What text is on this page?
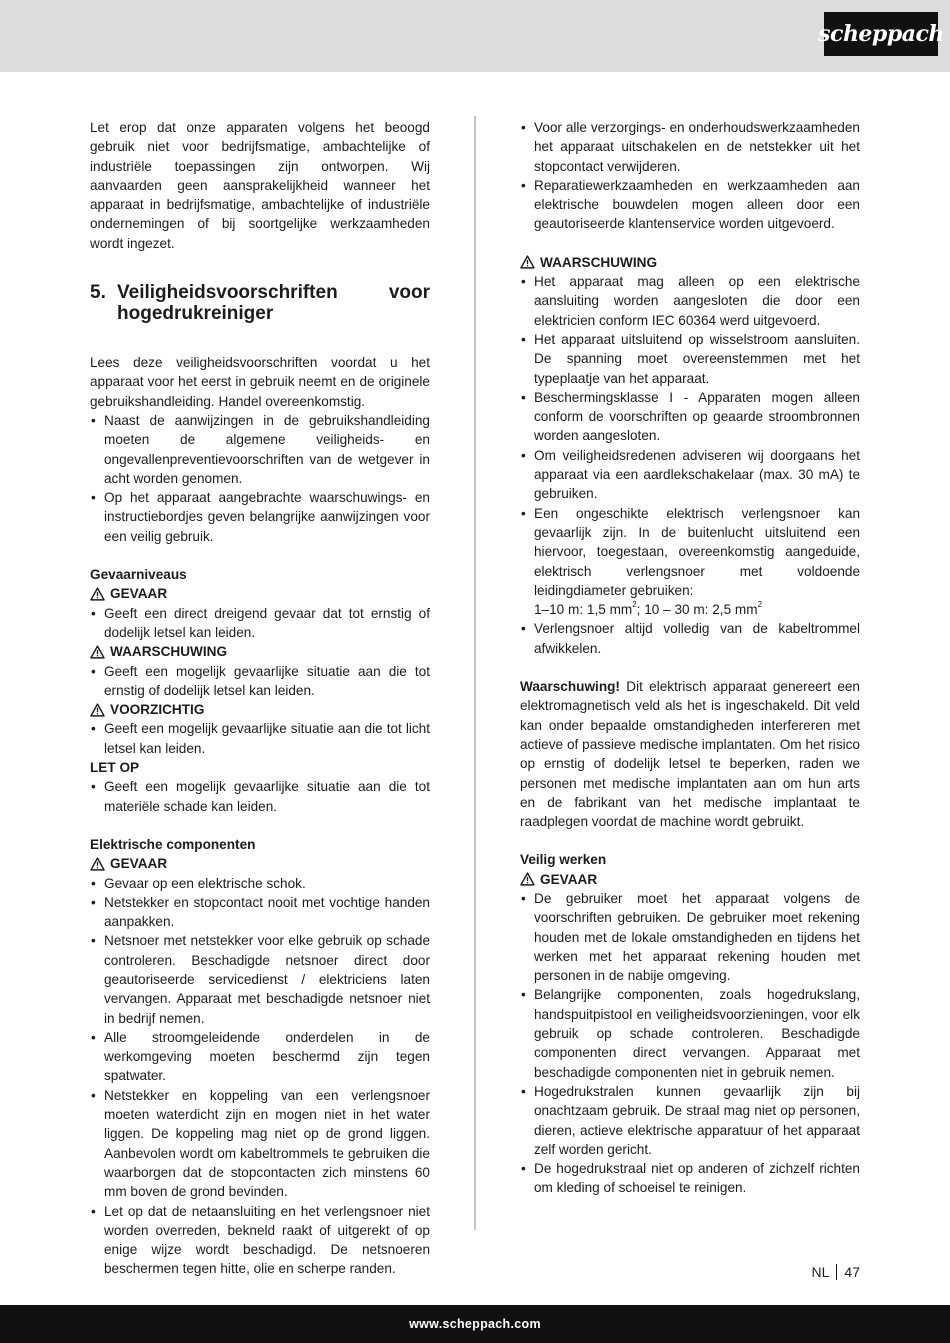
scheppach

Let erop dat onze apparaten volgens het beoogd gebruik niet voor bedrijfsmatige, ambachtelijke of industriële toepassingen zijn ontworpen. Wij aanvaarden geen aansprakelijkheid wanneer het apparaat in bedrijfsmatige, ambachtelijke of industriële ondernemingen of bij soortgelijke werkzaamheden wordt ingezet.

5. Veiligheidsvoorschriften voor hogedrukreiniger

Lees deze veiligheidsvoorschriften voordat u het apparaat voor het eerst in gebruik neemt en de originele gebruikshandleiding. Handel overeenkomstig.

• Naast de aanwijzingen in de gebruikshandleiding moeten de algemene veiligheids- en ongevallenpreventievoorschriften van de wetgever in acht worden genomen.
• Op het apparaat aangebrachte waarschuwings- en instructiebordjes geven belangrijke aanwijzingen voor een veilig gebruik.
Gevaarniveaus
GEVAAR
• Geeft een direct dreigend gevaar dat tot ernstig of dodelijk letsel kan leiden.
WAARSCHUWING
• Geeft een mogelijk gevaarlijke situatie aan die tot ernstig of dodelijk letsel kan leiden.
VOORZICHTIG
• Geeft een mogelijk gevaarlijke situatie aan die tot licht letsel kan leiden.
LET OP
• Geeft een mogelijk gevaarlijke situatie aan die tot materiële schade kan leiden.
Elektrische componenten
GEVAAR
• Gevaar op een elektrische schok.
• Netstekker en stopcontact nooit met vochtige handen aanpakken.
• Netsnoer met netstekker voor elke gebruik op schade controleren. Beschadigde netsnoer direct door geautoriseerde servicedienst / elektriciens laten vervangen. Apparaat met beschadigde netsnoer niet in bedrijf nemen.
• Alle stroomgeleidende onderdelen in de werkomgeving moeten beschermd zijn tegen spatwater.
• Netstekker en koppeling van een verlengsnoer moeten waterdicht zijn en mogen niet in het water liggen. De koppeling mag niet op de grond liggen. Aanbevolen wordt om kabeltrommels te gebruiken die waarborgen dat de stopcontacten zich minstens 60 mm boven de grond bevinden.
• Let op dat de netaansluiting en het verlengsnoer niet worden overreden, bekneld raakt of uitgerekt of op enige wijze wordt beschadigd. De netsnoeren beschermen tegen hitte, olie en scherpe randen.
• Voor alle verzorgings- en onderhoudswerkzaamheden het apparaat uitschakelen en de netstekker uit het stopcontact verwijderen.
• Reparatiewerkzaamheden en werkzaamheden aan elektrische bouwdelen mogen alleen door een geautoriseerde klantenservice worden uitgevoerd.
WAARSCHUWING
• Het apparaat mag alleen op een elektrische aansluiting worden aangesloten die door een elektricien conform IEC 60364 werd uitgevoerd.
• Het apparaat uitsluitend op wisselstroom aansluiten. De spanning moet overeenstemmen met het typeplaatje van het apparaat.
• Beschermingsklasse I - Apparaten mogen alleen conform de voorschriften op geaarde stroombronnen worden aangesloten.
• Om veiligheidsredenen adviseren wij doorgaans het apparaat via een aardlekschakelaar (max. 30 mA) te gebruiken.
• Een ongeschikte elektrisch verlengsnoer kan gevaarlijk zijn. In de buitenlucht uitsluitend een hiervoor, toegestaan, overeenkomstig aangeduide, elektrisch verlengsnoer met voldoende leidingdiameter gebruiken:
1–10 m: 1,5 $mm^2$; 10 – 30 m: 2,5 $mm^2$
• Verlengsnoer altijd volledig van de kabeltrommel afwikkelen.

Waarschuwing! Dit elektrisch apparaat genereert een elektromagnetisch veld als het is ingeschakeld. Dit veld kan onder bepaalde omstandigheden interfereren met actieve of passieve medische implantaten. Om het risico op ernstig of dodelijk letsel te beperken, raden we personen met medische implantaten aan om hun arts en de fabrikant van het medische implantaat te raadplegen voordat de machine wordt gebruikt.

Veilig werken
GEVAAR
• De gebruiker moet het apparaat volgens de voorschriften gebruiken. De gebruiker moet rekening houden met de lokale omstandigheden en tijdens het werken met het apparaat rekening houden met personen in de nabije omgeving.
• Belangrijke componenten, zoals hogedrukslang, handspuitpistool en veiligheidsvoorzieningen, voor elk gebruik op schade controleren. Beschadigde componenten direct vervangen. Apparaat met beschadigde componenten niet in gebruik nemen.
• Hogedrukstralen kunnen gevaarlijk zijn bij onachtzaam gebruik. De straal mag niet op personen, dieren, actieve elektrische apparatuur of het apparaat zelf worden gericht.
• De hogedrukstraal niet op anderen of zichzelf richten om kleding of schoeisel te reinigen.
NL 47
www.scheppach.com
